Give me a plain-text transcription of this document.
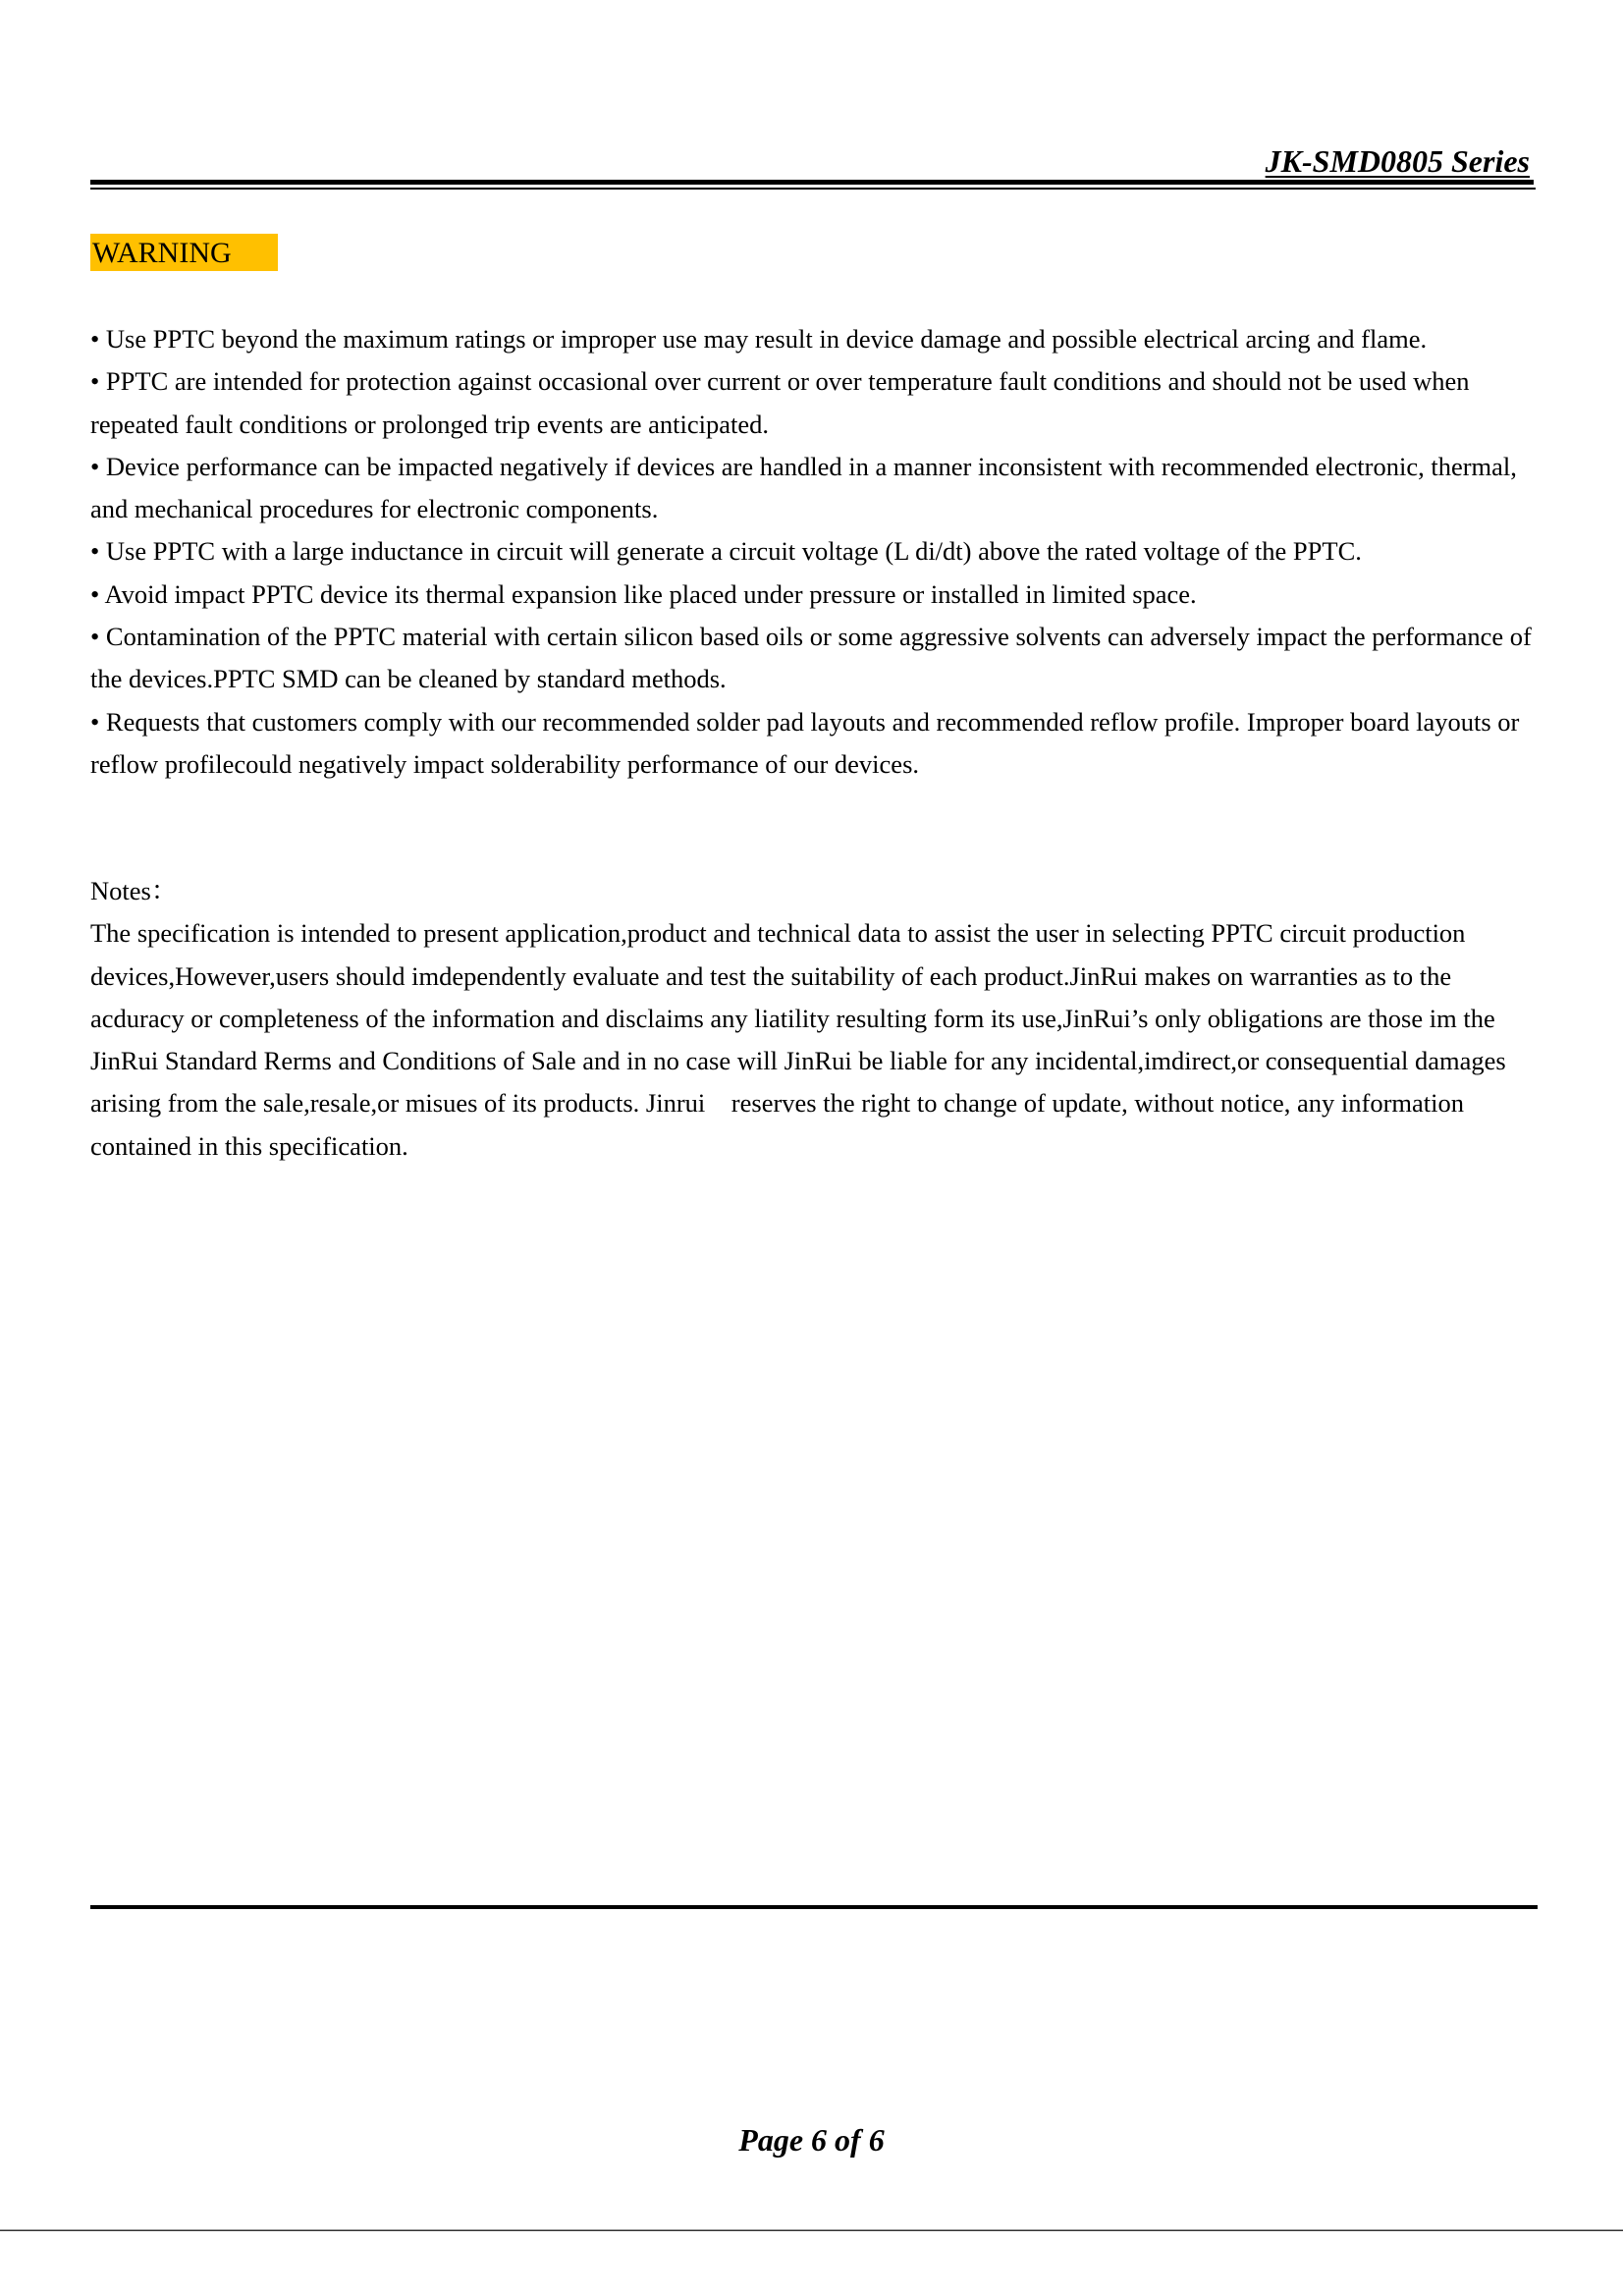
JK-SMD0805 Series
WARNING

• Use PPTC beyond the maximum ratings or improper use may result in device damage and possible electrical arcing and flame.

• PPTC are intended for protection against occasional over current or over temperature fault conditions and should not be used when repeated fault conditions or prolonged trip events are anticipated.

• Device performance can be impacted negatively if devices are handled in a manner inconsistent with recommended electronic, thermal, and mechanical procedures for electronic components.

• Use PPTC with a large inductance in circuit will generate a circuit voltage (L di/dt) above the rated voltage of the PPTC.

• Avoid impact PPTC device its thermal expansion like placed under pressure or installed in limited space.

• Contamination of the PPTC material with certain silicon based oils or some aggressive solvents can adversely impact the performance of the devices.PPTC SMD can be cleaned by standard methods.

• Requests that customers comply with our recommended solder pad layouts and recommended reflow profile. Improper board layouts or reflow profilecould negatively impact solderability performance of our devices.

Notes：

The specification is intended to present application,product and technical data to assist the user in selecting PPTC circuit production devices,However,users should imdependently evaluate and test the suitability of each product.JinRui makes on warranties as to the acduracy or completeness of the information and disclaims any liatility resulting form its use,JinRui’s only obligations are those im the JinRui Standard Rerms and Conditions of Sale and in no case will JinRui be liable for any incidental,imdirect,or consequential damages arising from the sale,resale,or misues of its products. Jinrui    reserves the right to change of update, without notice, any information contained in this specification.

Page 6 of 6
